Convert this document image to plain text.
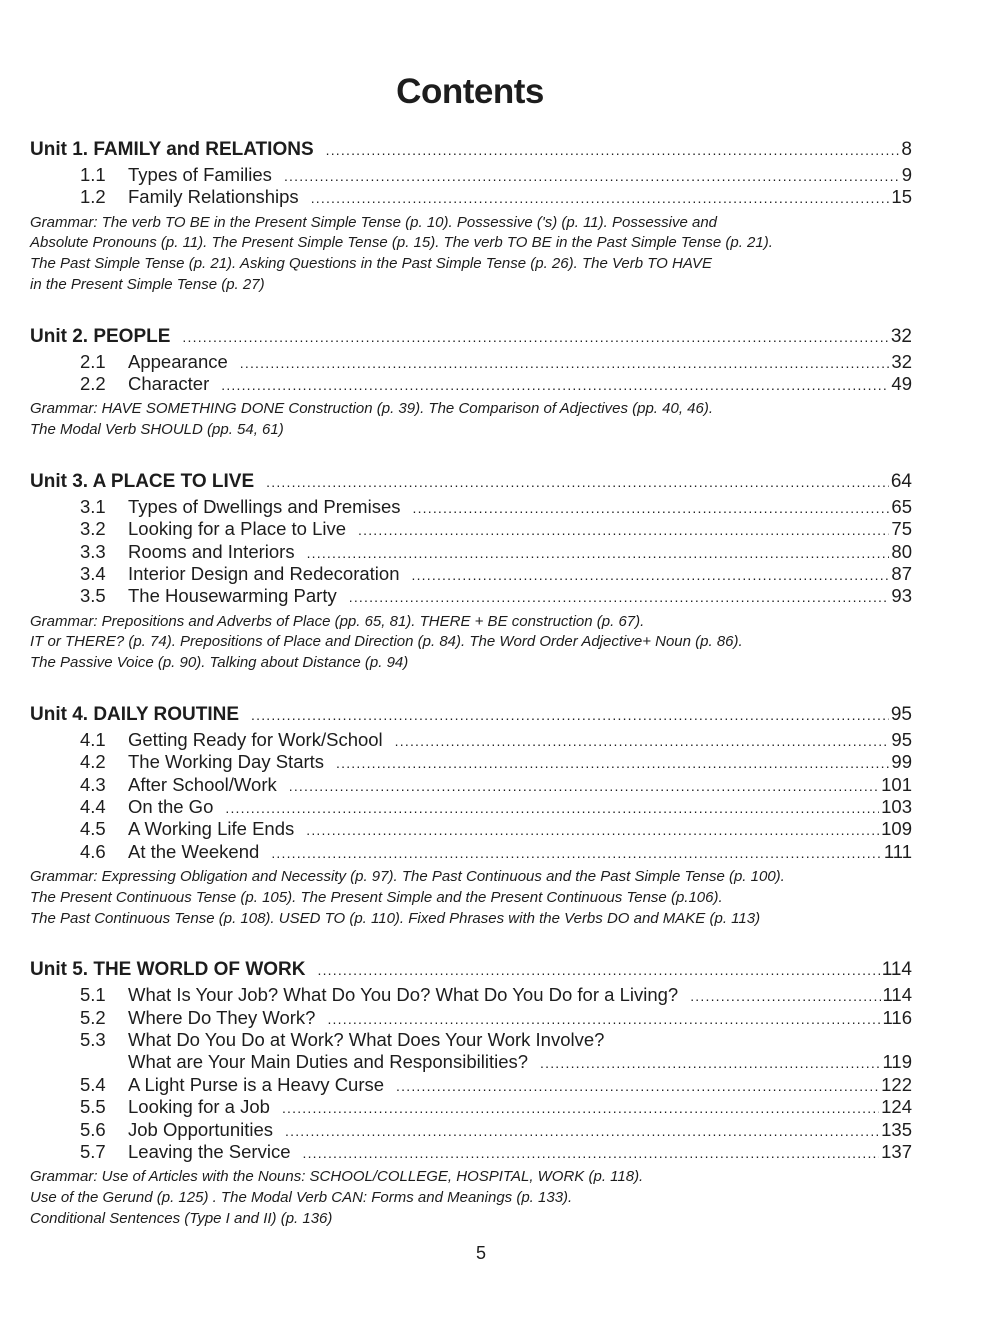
Contents
Unit 1. FAMILY and RELATIONS .....	8
1.1	Types of Families .....	9
1.2	Family Relationships .....	15
Grammar: The verb TO BE in the Present Simple Tense (p. 10). Possessive ('s) (p. 11). Possessive and
Absolute Pronouns (p. 11). The Present Simple Tense (p. 15). The verb TO BE in the Past Simple Tense (p. 21).
The Past Simple Tense (p. 21). Asking Questions in the Past Simple Tense (p. 26). The Verb TO HAVE
in the Present Simple Tense (p. 27)
Unit 2. PEOPLE .....	32
2.1	Appearance .....	32
2.2	Character .....	49
Grammar: HAVE SOMETHING DONE Construction (p. 39). The Comparison of Adjectives (pp. 40, 46).
The Modal Verb SHOULD (pp. 54, 61)
Unit 3. A PLACE TO LIVE .....	64
3.1	Types of Dwellings and Premises .....	65
3.2	Looking for a Place to Live .....	75
3.3	Rooms and Interiors .....	80
3.4	Interior Design and Redecoration .....	87
3.5	The Housewarming Party .....	93
Grammar: Prepositions and Adverbs of Place (pp. 65, 81). THERE + BE construction (p. 67).
IT or THERE? (p. 74). Prepositions of Place and Direction (p. 84). The Word Order Adjective+ Noun (p. 86).
The Passive Voice (p. 90). Talking about Distance (p. 94)
Unit 4. DAILY ROUTINE .....	95
4.1	Getting Ready for Work/School .....	95
4.2	The Working Day Starts .....	99
4.3	After School/Work .....	101
4.4	On the Go .....	103
4.5	A Working Life Ends .....	109
4.6	At the Weekend .....	111
Grammar: Expressing Obligation and Necessity (p. 97). The Past Continuous and the Past Simple Tense (p. 100).
The Present Continuous Tense (p. 105). The Present Simple and the Present Continuous Tense (p.106).
The Past Continuous Tense (p. 108). USED TO (p. 110). Fixed Phrases with the Verbs DO and MAKE (p. 113)
Unit 5. THE WORLD OF WORK .....	114
5.1	What Is Your Job? What Do You Do? What Do You Do for a Living? .....	114
5.2	Where Do They Work? .....	116
5.3	What Do You Do at Work? What Does Your Work Involve?
What are Your Main Duties and Responsibilities? .....	119
5.4	A Light Purse is a Heavy Curse .....	122
5.5	Looking for a Job .....	124
5.6	Job Opportunities .....	135
5.7	Leaving the Service .....	137
Grammar: Use of Articles with the Nouns: SCHOOL/COLLEGE, HOSPITAL, WORK (p. 118).
Use of the Gerund (p. 125) . The Modal Verb CAN: Forms and Meanings (p. 133).
Conditional Sentences (Type I and II) (p. 136)
5
